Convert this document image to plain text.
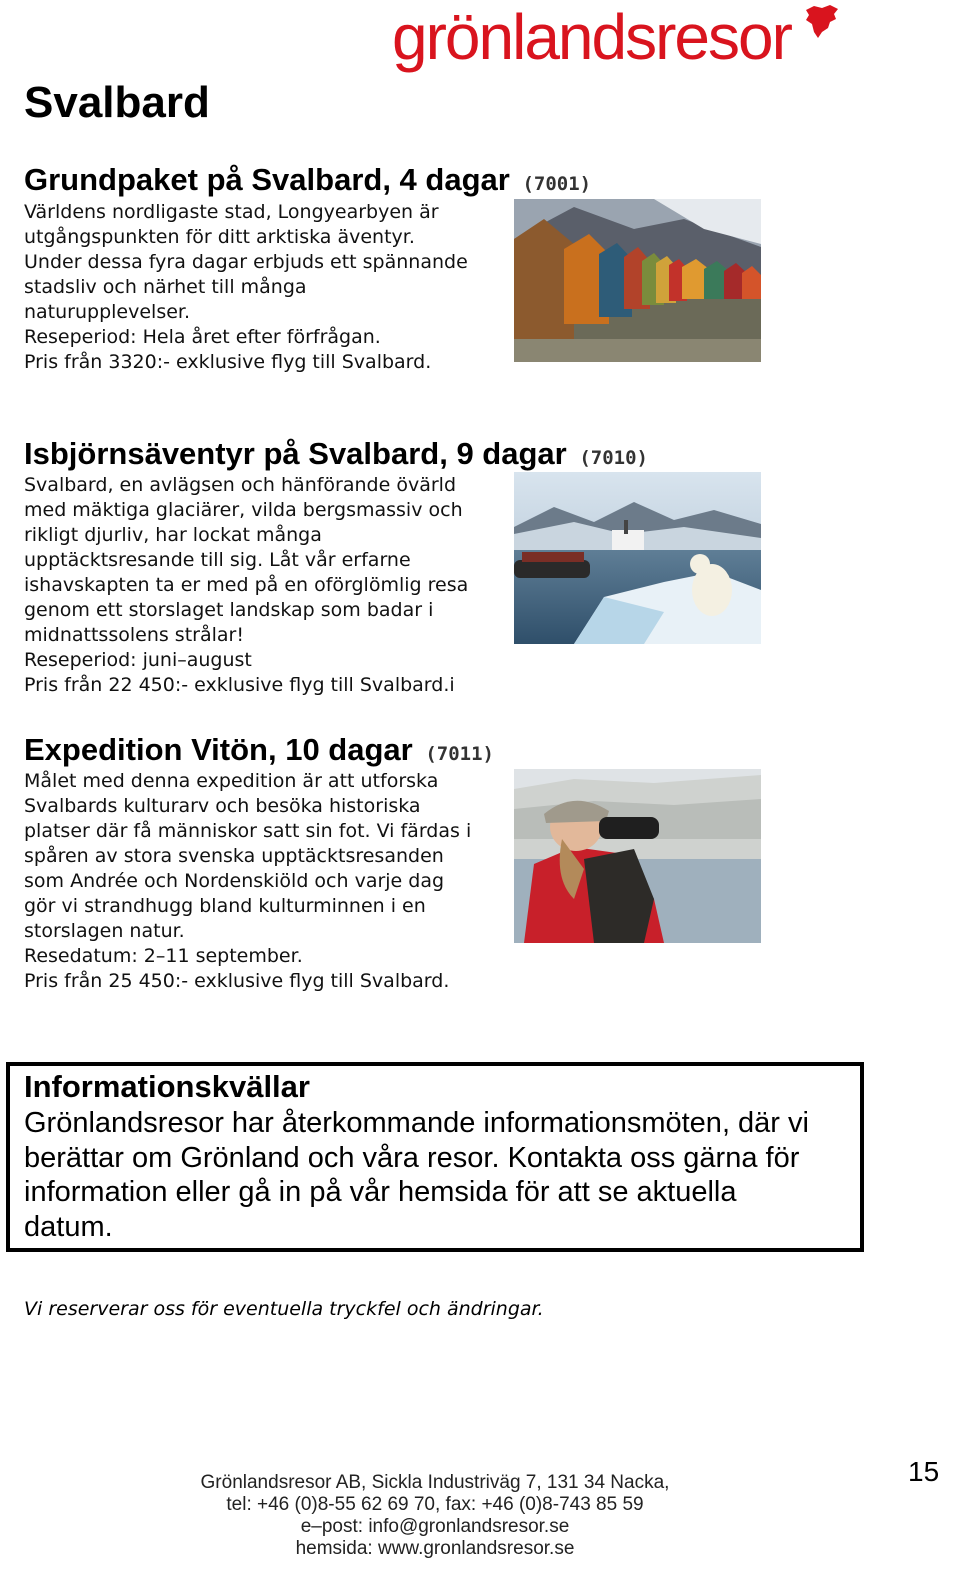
grönlandsresor
Svalbard
Grundpaket på Svalbard, 4 dagar (7001)
Världens nordligaste stad, Longyearbyen är
utgångspunkten för ditt arktiska äventyr.
Under dessa fyra dagar erbjuds ett spännande
stadsliv och närhet till många
naturupplevelser.
Reseperiod: Hela året efter förfrågan.
Pris från 3320:- exklusive flyg till Svalbard.
Isbjörnsäventyr på Svalbard, 9 dagar (7010)
Svalbard, en avlägsen och hänförande övärld
med mäktiga glaciärer, vilda bergsmassiv och
rikligt djurliv, har lockat många
upptäcktsresande till sig. Låt vår erfarne
ishavskapten ta er med på en oförglömlig resa
genom ett storslaget landskap som badar i
midnattssolens strålar!
Reseperiod: juni–august
Pris från 22 450:- exklusive flyg till Svalbard.i
Expedition Vitön, 10 dagar (7011)
Målet med denna expedition är att utforska
Svalbards kulturarv och besöka historiska
platser där få människor satt sin fot. Vi färdas i
spåren av stora svenska upptäcktsresanden
som Andrée och Nordenskiöld och varje dag
gör vi strandhugg bland kulturminnen i en
storslagen natur.
Resedatum: 2–11 september.
Pris från 25 450:- exklusive flyg till Svalbard.
Informationskvällar
Grönlandsresor har återkommande informationsmöten, där vi
berättar om Grönland och våra resor. Kontakta oss gärna för
information eller gå in på vår hemsida för att se aktuella
datum.
Vi reserverar oss för eventuella tryckfel och ändringar.
Grönlandsresor AB, Sickla Industriväg 7, 131 34 Nacka,
tel: +46 (0)8-55 62 69 70, fax: +46 (0)8-743 85 59
e–post: info@gronlandsresor.se
hemsida: www.gronlandsresor.se
15
